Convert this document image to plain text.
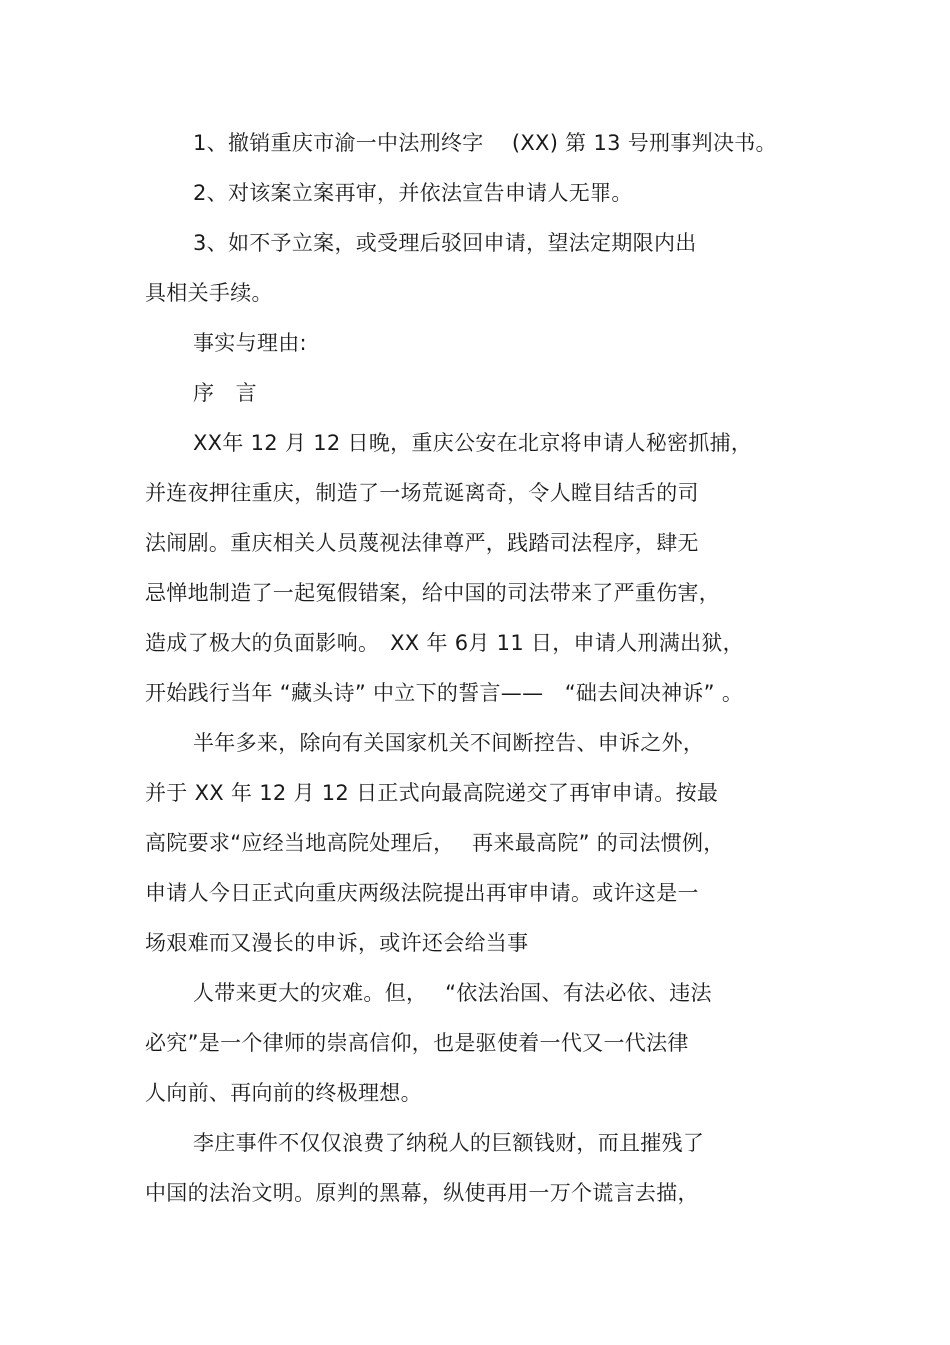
1、撤销重庆市渝一中法刑终字　 (XX) 第 13 号刑事判决书。
2、对该案立案再审，并依法宣告申请人无罪。
3、如不予立案，或受理后驳回申请，望法定期限内出
具相关手续。
事实与理由:
序　言
XX年 12 月 12 日晚，重庆公安在北京将申请人秘密抓捕，
并连夜押往重庆，制造了一场荒诞离奇，令人瞠目结舌的司
法闹剧。重庆相关人员蔑视法律尊严，践踏司法程序，肆无
忌惮地制造了一起冤假错案，给中国的司法带来了严重伤害，
造成了极大的负面影响。　XX 年 6月 11 日，申请人刑满出狱，
开始践行当年 “藏头诗” 中立下的誓言——　“础去间决神诉” 。
半年多来，除向有关国家机关不间断控告、申诉之外，
并于 XX 年 12 月 12 日正式向最高院递交了再审申请。按最
高院要求“应经当地高院处理后，　 再来最高院” 的司法惯例，
申请人今日正式向重庆两级法院提出再审申请。或许这是一
场艰难而又漫长的申诉，或许还会给当事
人带来更大的灾难。但，　 “依法治国、有法必依、违法
必究”是一个律师的崇高信仰，也是驱使着一代又一代法律
人向前、再向前的终极理想。
李庄事件不仅仅浪费了纳税人的巨额钱财，而且摧残了
中国的法治文明。原判的黑幕，纵使再用一万个谎言去描，
